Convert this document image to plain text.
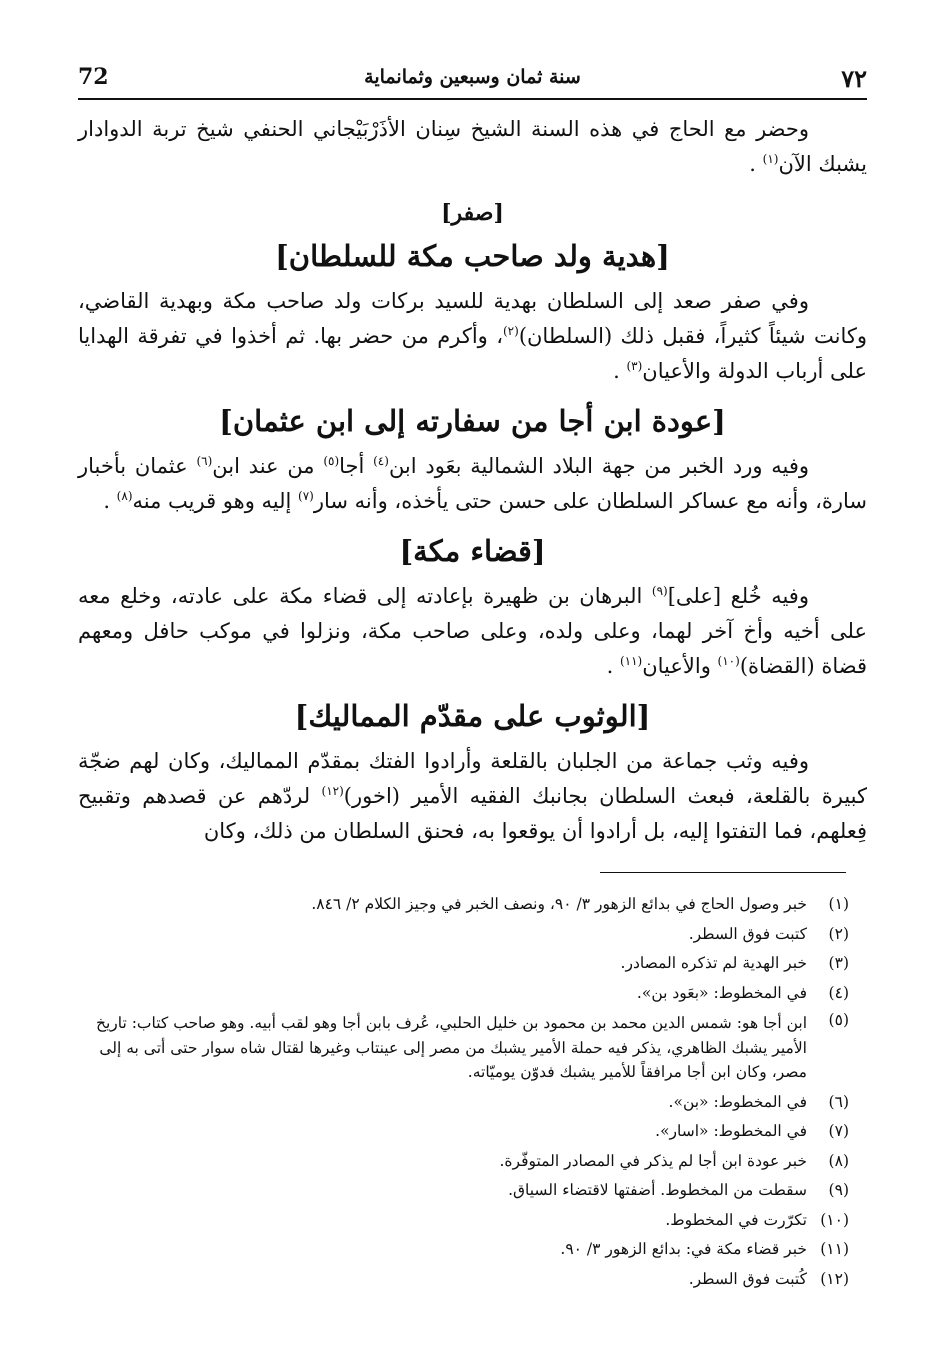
٧٢
سنة ثمان وسبعين وثمانماية
72

وحضر مع الحاج في هذه السنة الشيخ سِنان الأذَرْبَيْجاني الحنفي شيخ تربة الدوادار يشبك الآن$^{(١)}$ .

[صفر]
[هدية ولد صاحب مكة للسلطان]

وفي صفر صعد إلى السلطان بهدية للسيد بركات ولد صاحب مكة وبهدية القاضي، وكانت شيئاً كثيراً، فقبل ذلك (السلطان)$^{(٢)}$، وأكرم من حضر بها. ثم أخذوا في تفرقة الهدايا على أرباب الدولة والأعيان$^{(٣)}$ .

[عودة ابن أجا من سفارته إلى ابن عثمان]

وفيه ورد الخبر من جهة البلاد الشمالية بعَود ابن$^{(٤)}$ أجا$^{(٥)}$ من عند ابن$^{(٦)}$ عثمان بأخبار سارة، وأنه مع عساكر السلطان على حسن حتى يأخذه، وأنه سار$^{(٧)}$ إليه وهو قريب منه$^{(٨)}$ .

[قضاء مكة]

وفيه خُلع [على]$^{(٩)}$ البرهان بن ظهيرة بإعادته إلى قضاء مكة على عادته، وخلع معه على أخيه وأخ آخر لهما، وعلى ولده، وعلى صاحب مكة، ونزلوا في موكب حافل ومعهم قضاة (القضاة)$^{(١٠)}$ والأعيان$^{(١١)}$ .

[الوثوب على مقدّم المماليك]

وفيه وثب جماعة من الجلبان بالقلعة وأرادوا الفتك بمقدّم المماليك، وكان لهم ضجّة كبيرة بالقلعة، فبعث السلطان بجانبك الفقيه الأمير (اخور)$^{(١٢)}$ لردّهم عن قصدهم وتقبيح فِعلهم، فما التفتوا إليه، بل أرادوا أن يوقعوا به، فحنق السلطان من ذلك، وكان

(١)
خبر وصول الحاج في بدائع الزهور ٣/ ٩٠، ونصف الخبر في وجيز الكلام ٢/ ٨٤٦.

(٢)
كتبت فوق السطر.

(٣)
خبر الهدية لم تذكره المصادر.

(٤)
في المخطوط: «بعَود بن».

(٥)
ابن أجا هو: شمس الدين محمد بن محمود بن خليل الحلبي، عُرف بابن أجا وهو لقب أبيه. وهو صاحب كتاب: تاريخ الأمير يشبك الظاهري، يذكر فيه حملة الأمير يشبك من مصر إلى عينتاب وغيرها لقتال شاه سوار حتى أتى به إلى مصر، وكان ابن أجا مرافقاً للأمير يشبك فدوّن يوميّاته.

(٦)
في المخطوط: «بن».

(٧)
في المخطوط: «اسار».

(٨)
خبر عودة ابن أجا لم يذكر في المصادر المتوفّرة.

(٩)
سقطت من المخطوط. أضفتها لاقتضاء السياق.

(١٠)
تكرّرت في المخطوط.

(١١)
خبر قضاء مكة في: بدائع الزهور ٣/ ٩٠.

(١٢)
كُتبت فوق السطر.
